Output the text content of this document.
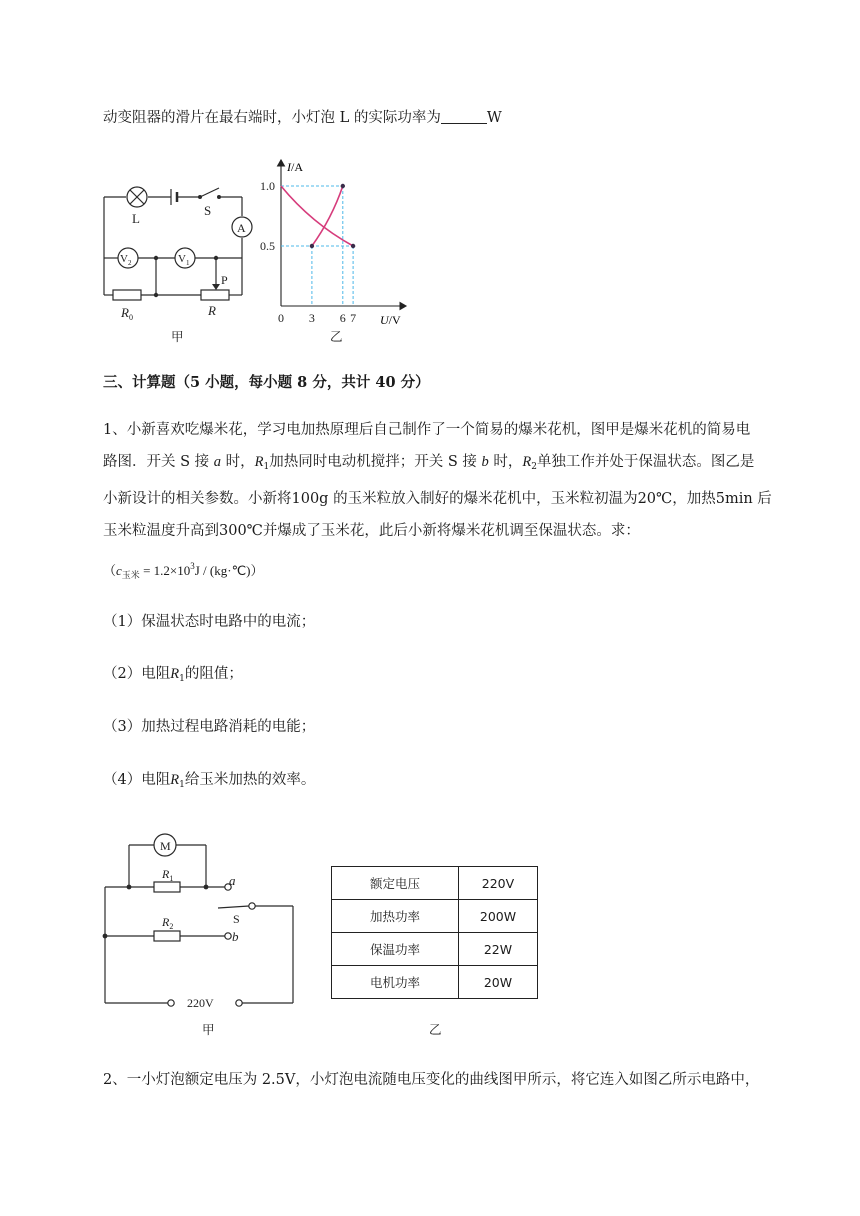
动变阻器的滑片在最右端时，小灯泡 L 的实际功率为	W
L
S
A
$V_2$	$V_1$
P
$R_0$	R
甲
0 3 6 7
1.0
0.5
I/A
U/V
乙
三、计算题（5 小题，每小题 8 分，共计 40 分）
1、小新喜欢吃爆米花，学习电加热原理后自己制作了一个简易的爆米花机，图甲是爆米花机的简易电
路图．开关 S 接 a 时，$R_1$加热同时电动机搅拌；开关 S 接 b 时，$R_2$单独工作并处于保温状态。图乙是
小新设计的相关参数。小新将100g 的玉米粒放入制好的爆米花机中，玉米粒初温为20℃，加热5min 后
玉米粒温度升高到300℃并爆成了玉米花，此后小新将爆米花机调至保温状态。求：
（$c_{玉米} = 1.2\times 10^3J$ / (kg·℃)）
（1）保温状态时电路中的电流；
（2）电阻$R_1$的阻值；
（3）加热过程电路消耗的电能；
（4）电阻$R_1$给玉米加热的效率。
M
$R_1$
$R_2$
a
b
S
220V
甲
额定电压	220V
加热功率	200W
保温功率	22W
电机功率	20W
乙
2、一小灯泡额定电压为 2.5V，小灯泡电流随电压变化的曲线图甲所示，将它连入如图乙所示电路中，
